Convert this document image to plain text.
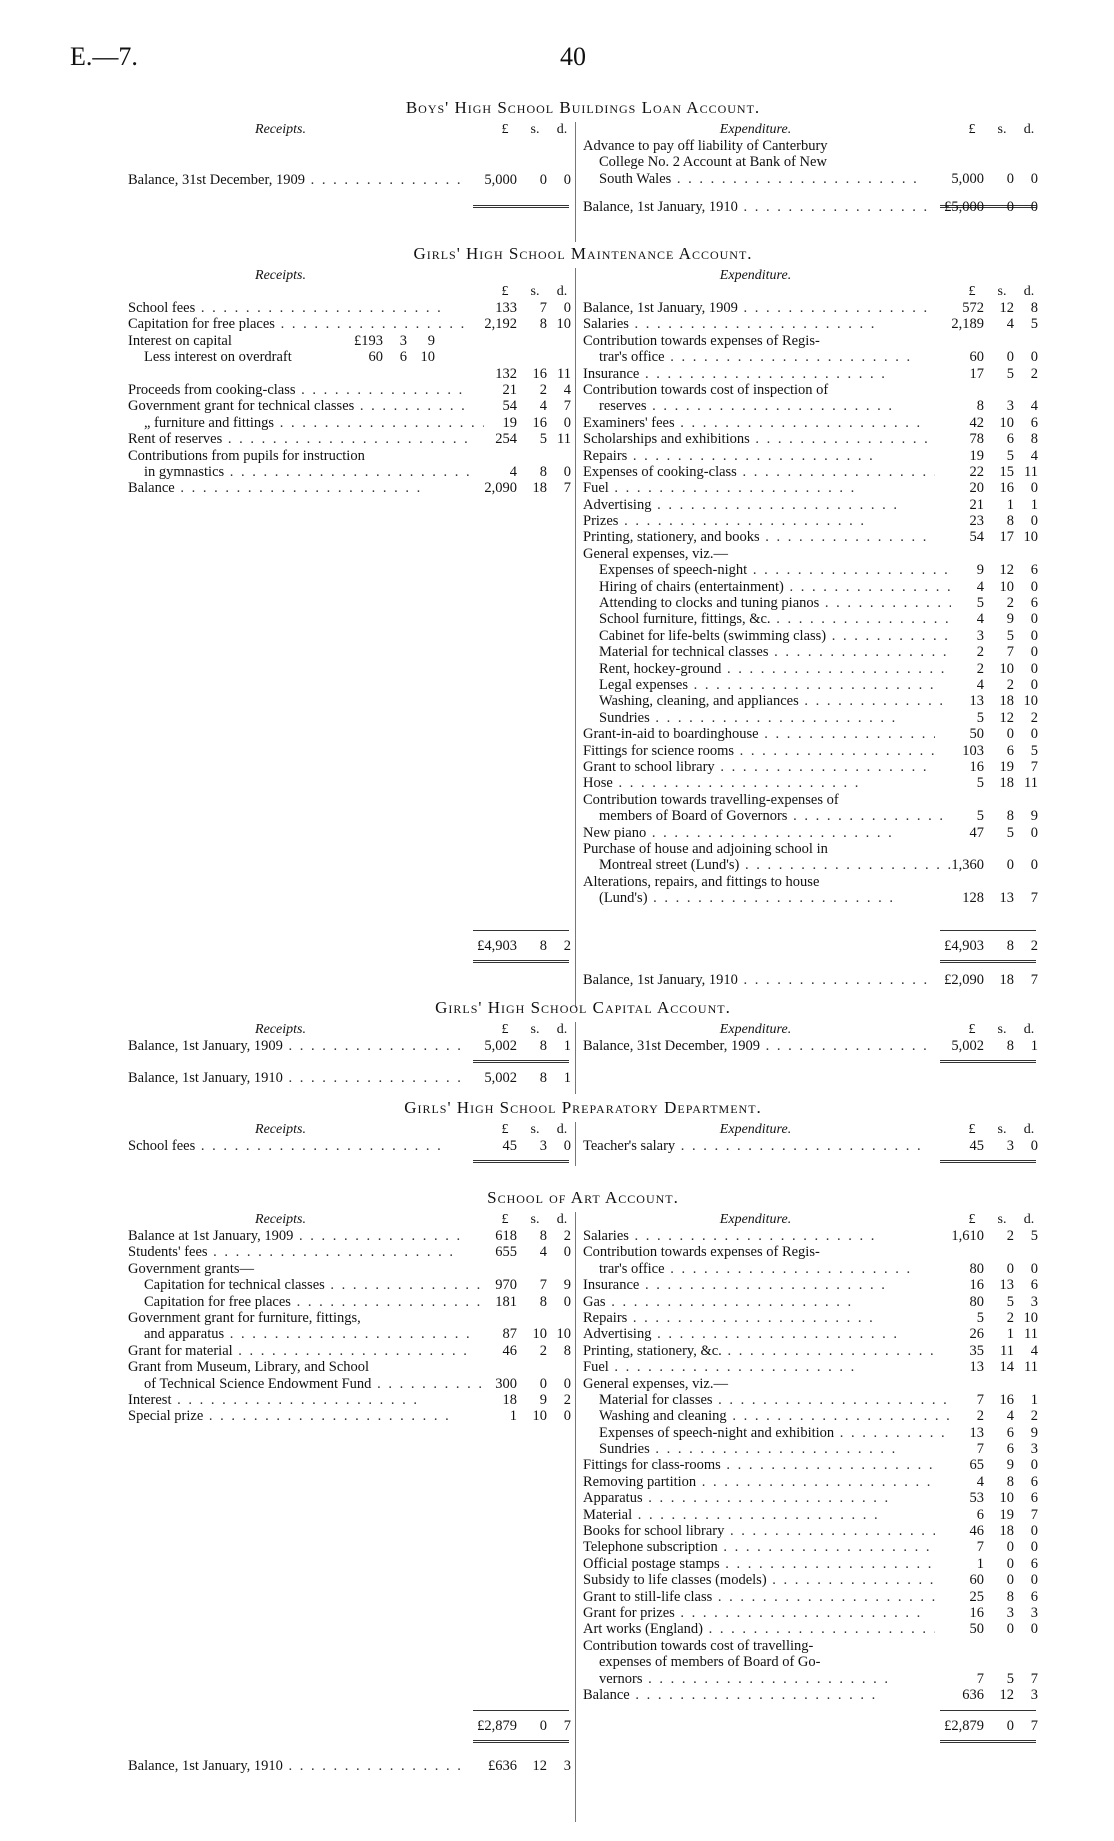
E.—7.	40
Boys' High School Buildings Loan Account.
Receipts.	£	s.	d.
Balance, 31st December, 1909 . .	5,000	0	0
Expenditure.	£	s.	d.
Advance to pay off liability of Canterbury
College No. 2 Account at Bank of New
South Wales . .	5,000	0	0
Balance, 1st January, 1910 . .	£5,000	0	0
Girls' High School Maintenance Account.
Receipts.
£	s.	d.
School fees . .	133	7	0
Capitation for free places . .	2,192	8 10
Interest on capital	£193	3	9
Less interest on overdraft	60	6 10
132	16 11
Proceeds from cooking-class . .	21	2	4
Government grant for technical classes . .	54	4	7
„ furniture and fittings . .	19	16	0
Rent of reserves . .	254	5 11
Contributions from pupils for instruction
in gymnastics . .	4	8	0
Balance . .	2,090	18	7
£4,903	8	2
Expenditure.
£	s.	d.
Balance, 1st January, 1909 . .	572	12	8
Salaries . .	2,189	4	5
Contribution towards expenses of Regis-
trar's office . .	60	0	0
Insurance . .	17	5	2
Contribution towards cost of inspection of
reserves . .	8	3	4
Examiners' fees . .	42	10	6
Scholarships and exhibitions . .	78	6	8
Repairs . .	19	5	4
Expenses of cooking-class . .	22	15 11
Fuel . .	20	16	0
Advertising . .	21	1	1
Prizes . .	23	8	0
Printing, stationery, and books . .	54	17 10
General expenses, viz.—
Expenses of speech-night . .	9	12	6
Hiring of chairs (entertainment) . .	4	10	0
Attending to clocks and tuning pianos . .	5	2	6
School furniture, fittings, &c. . .	4	9	0
Cabinet for life-belts (swimming class) . .	3	5	0
Material for technical classes . .	2	7	0
Rent, hockey-ground . .	2	10	0
Legal expenses . .	4	2	0
Washing, cleaning, and appliances . .	13	18 10
Sundries . .	5	12	2
Grant-in-aid to boardinghouse . .	50	0	0
Fittings for science rooms . .	103	6	5
Grant to school library . .	16	19	7
Hose . .	5	18 11
Contribution towards travelling-expenses of
members of Board of Governors . .	5	8	9
New piano . .	47	5	0
Purchase of house and adjoining school in
Montreal street (Lund's) . .	1,360	0	0
Alterations, repairs, and fittings to house
(Lund's) . .	128	13	7
£4,903	8	2
Balance, 1st January, 1910 . .	£2,090	18	7
Girls' High School Capital Account.
Receipts.	£	s.	d.
Balance, 1st January, 1909 . .	5,002	8	1
Balance, 1st January, 1910 . .	5,002	8	1
Expenditure.	£	s.	d.
Balance, 31st December, 1909 . .	5,002	8	1
Girls' High School Preparatory Department.
Receipts.	£	s.	d.
School fees . .	45	3	0
Expenditure.	£	s.	d.
Teacher's salary . .	45	3	0
School of Art Account.
Receipts.	£	s.	d.
Balance at 1st January, 1909 . .	618	8	2
Students' fees . .	655	4	0
Government grants—
Capitation for technical classes . .	970	7	9
Capitation for free places . .	181	8	0
Government grant for furniture, fittings,
and apparatus . .	87	10 10
Grant for material . .	46	2	8
Grant from Museum, Library, and School
of Technical Science Endowment Fund . .	300	0	0
Interest . .	18	9	2
Special prize . .	1	10	0
£2,879	0	7
Balance, 1st January, 1910 . .	£636	12	3
Expenditure.	£	s.	d.
Salaries . .	1,610	2	5
Contribution towards expenses of Regis-
trar's office . .	80	0	0
Insurance . .	16	13	6
Gas . .	80	5	3
Repairs . .	5	2 10
Advertising . .	26	1 11
Printing, stationery, &c. . .	35	11	4
Fuel . .	13	14 11
General expenses, viz.—
Material for classes . .	7	16	1
Washing and cleaning . .	2	4	2
Expenses of speech-night and exhibition . .	13	6	9
Sundries . .	7	6	3
Fittings for class-rooms . .	65	9	0
Removing partition . .	4	8	6
Apparatus . .	53	10	6
Material . .	6	19	7
Books for school library . .	46	18	0
Telephone subscription . .	7	0	0
Official postage stamps . .	1	0	6
Subsidy to life classes (models) . .	60	0	0
Grant to still-life class . .	25	8	6
Grant for prizes . .	16	3	3
Art works (England) . .	50	0	0
Contribution towards cost of travelling-
expenses of members of Board of Go-
vernors . .	7	5	7
Balance . .	636	12	3
£2,879	0	7
